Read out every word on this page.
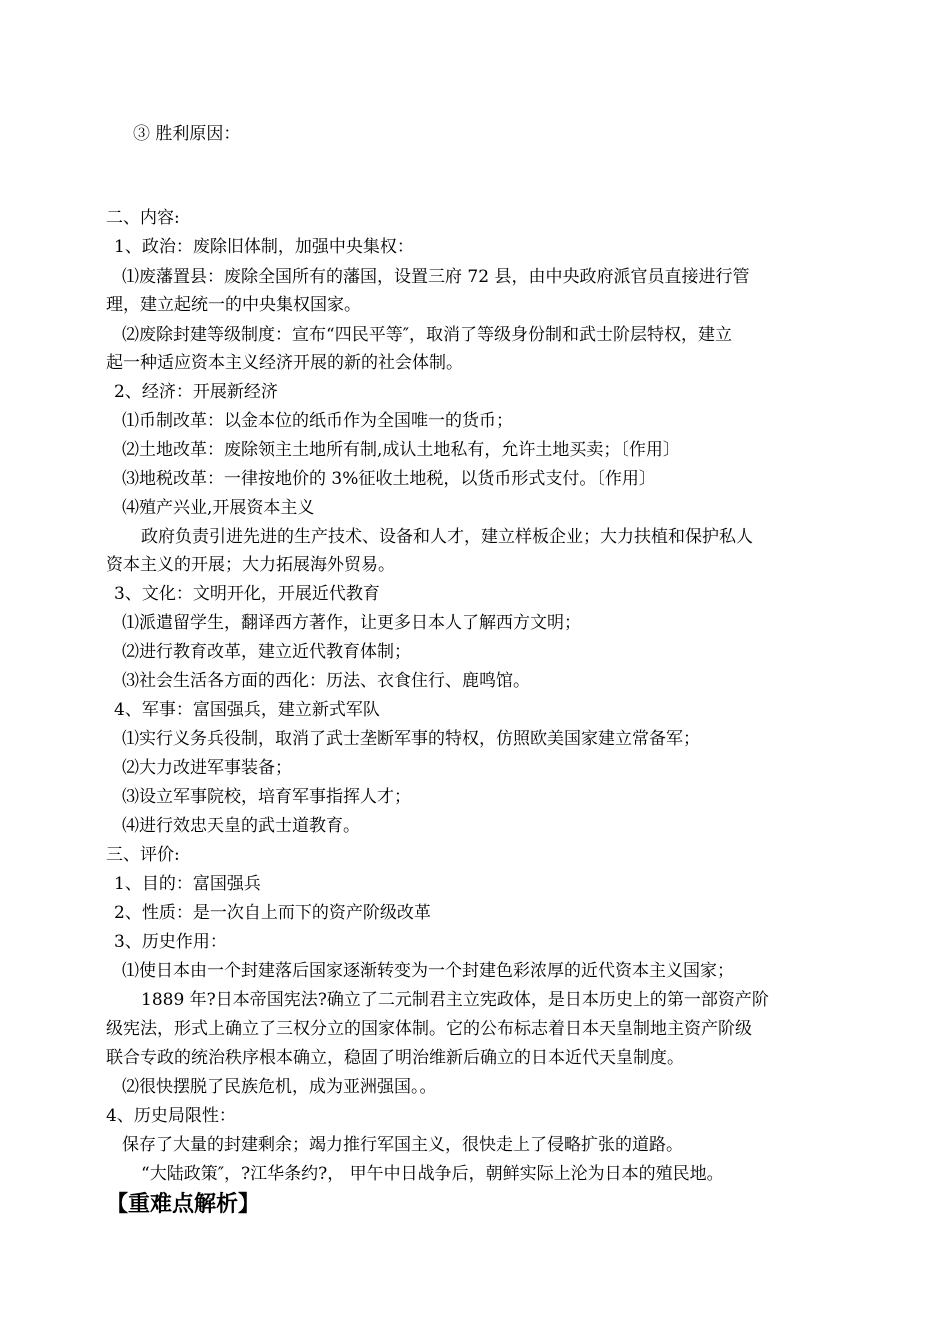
③ 胜利原因：
二、内容:
1、政治：废除旧体制，加强中央集权：
⑴废藩置县：废除全国所有的藩国，设置三府 72 县，由中央政府派官员直接进行管
理，建立起统一的中央集权国家。
⑵废除封建等级制度：宣布“四民平等″，取消了等级身份制和武士阶层特权，建立
起一种适应资本主义经济开展的新的社会体制。
2、经济：开展新经济
⑴币制改革：以金本位的纸币作为全国唯一的货币；
⑵土地改革：废除领主土地所有制,成认土地私有，允许土地买卖；〔作用〕
⑶地税改革：一律按地价的 3%征收土地税，以货币形式支付。〔作用〕
⑷殖产兴业,开展资本主义
政府负责引进先进的生产技术、设备和人才，建立样板企业；大力扶植和保护私人
资本主义的开展；大力拓展海外贸易。
3、文化：文明开化，开展近代教育
⑴派遣留学生，翻译西方著作，让更多日本人了解西方文明；
⑵进行教育改革，建立近代教育体制；
⑶社会生活各方面的西化：历法、衣食住行、鹿鸣馆。
4、军事：富国强兵，建立新式军队
⑴实行义务兵役制，取消了武士垄断军事的特权，仿照欧美国家建立常备军；
⑵大力改进军事装备；
⑶设立军事院校，培育军事指挥人才；
⑷进行效忠天皇的武士道教育。
三、评价:
1、目的：富国强兵
2、性质：是一次自上而下的资产阶级改革
3、历史作用：
⑴使日本由一个封建落后国家逐渐转变为一个封建色彩浓厚的近代资本主义国家；
1889 年?日本帝国宪法?确立了二元制君主立宪政体，是日本历史上的第一部资产阶
级宪法，形式上确立了三权分立的国家体制。它的公布标志着日本天皇制地主资产阶级
联合专政的统治秩序根本确立，稳固了明治维新后确立的日本近代天皇制度。
⑵很快摆脱了民族危机，成为亚洲强国。。
4、历史局限性：
保存了大量的封建剩余；竭力推行军国主义，很快走上了侵略扩张的道路。
“大陆政策″，?江华条约?， 甲午中日战争后，朝鲜实际上沦为日本的殖民地。
【重难点解析】
